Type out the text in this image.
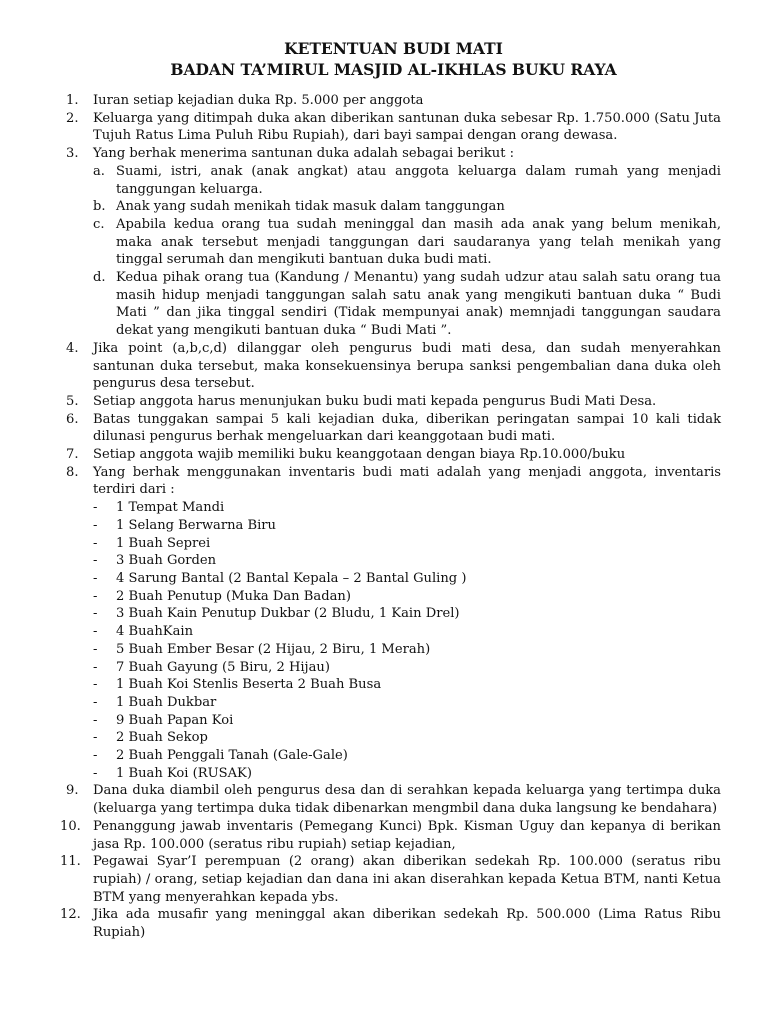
KETENTUAN BUDI MATI
BADAN TA’MIRUL MASJID AL-IKHLAS BUKU RAYA
1.	Iuran setiap kejadian duka Rp. 5.000 per anggota
2.	Keluarga yang ditimpah duka akan diberikan santunan duka sebesar Rp. 1.750.000 (Satu Juta Tujuh Ratus Lima Puluh Ribu Rupiah), dari bayi sampai dengan orang dewasa.
3.	Yang berhak menerima santunan duka adalah sebagai berikut :
a. Suami, istri, anak (anak angkat) atau anggota keluarga dalam rumah yang menjadi tanggungan keluarga.
b. Anak yang sudah menikah tidak masuk dalam tanggungan
c. Apabila kedua orang tua sudah meninggal dan masih ada anak yang belum menikah, maka anak tersebut menjadi tanggungan dari saudaranya yang telah menikah yang tinggal serumah dan mengikuti bantuan duka budi mati.
d. Kedua pihak orang tua (Kandung / Menantu) yang sudah udzur atau salah satu orang tua masih hidup menjadi tanggungan salah satu anak yang mengikuti bantuan duka “ Budi Mati ” dan jika tinggal sendiri (Tidak mempunyai anak) memnjadi tanggungan saudara dekat yang mengikuti bantuan duka “ Budi Mati ”.
4.	Jika point (a,b,c,d) dilanggar oleh pengurus budi mati desa, dan sudah menyerahkan santunan duka tersebut, maka konsekuensinya berupa sanksi pengembalian dana duka oleh pengurus desa tersebut.
5.	Setiap anggota harus menunjukan buku budi mati kepada pengurus Budi Mati Desa.
6.	Batas tunggakan sampai 5 kali kejadian duka, diberikan peringatan sampai 10 kali tidak dilunasi pengurus berhak mengeluarkan dari keanggotaan budi mati.
7.	Setiap anggota wajib memiliki buku keanggotaan dengan biaya Rp.10.000/buku
8.	Yang berhak menggunakan inventaris budi mati adalah yang menjadi anggota, inventaris terdiri dari :
- 1 Tempat Mandi
- 1 Selang Berwarna Biru
- 1 Buah Seprei
- 3 Buah Gorden
- 4 Sarung Bantal (2 Bantal Kepala – 2 Bantal Guling )
- 2 Buah Penutup (Muka Dan Badan)
- 3 Buah Kain Penutup Dukbar (2 Bludu, 1 Kain Drel)
- 4 BuahKain
- 5 Buah Ember Besar (2 Hijau, 2 Biru, 1 Merah)
- 7 Buah Gayung (5 Biru, 2 Hijau)
- 1 Buah Koi Stenlis Beserta 2 Buah Busa
- 1 Buah Dukbar
- 9 Buah Papan Koi
- 2 Buah Sekop
- 2 Buah Penggali Tanah (Gale-Gale)
- 1 Buah Koi (RUSAK)
9.	Dana duka diambil oleh pengurus desa dan di serahkan kepada keluarga yang tertimpa duka (keluarga yang tertimpa duka tidak dibenarkan mengmbil dana duka langsung ke bendahara)
10. Penanggung jawab inventaris (Pemegang Kunci) Bpk. Kisman Uguy dan kepanya di berikan jasa Rp. 100.000 (seratus ribu rupiah) setiap kejadian,
11. Pegawai Syar’I perempuan (2 orang) akan diberikan sedekah Rp. 100.000 (seratus ribu rupiah) / orang, setiap kejadian dan dana ini akan diserahkan kepada Ketua BTM, nanti Ketua BTM yang menyerahkan kepada ybs.
12. Jika ada musafir yang meninggal akan diberikan sedekah Rp. 500.000 (Lima Ratus Ribu Rupiah)
